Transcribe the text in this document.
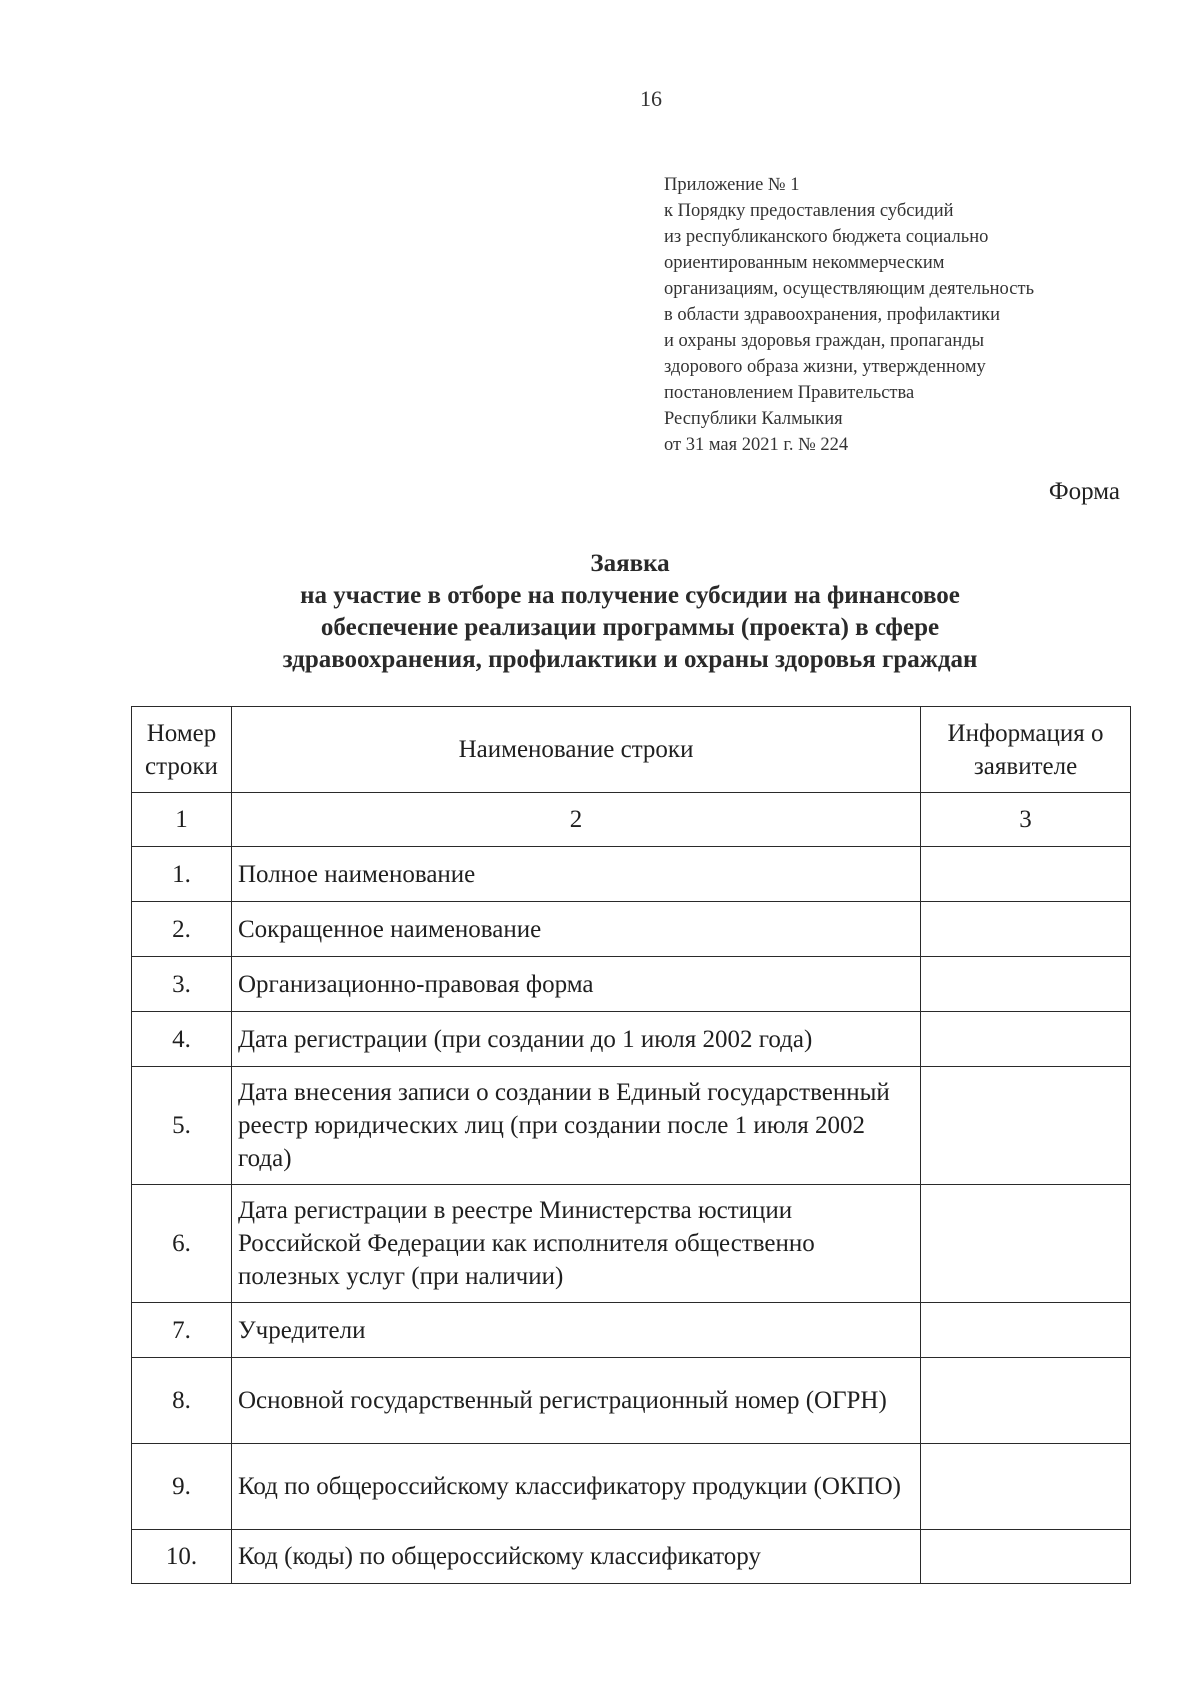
16
Приложение № 1
к Порядку предоставления субсидий
из республиканского бюджета социально
ориентированным некоммерческим
организациям, осуществляющим деятельность
в области здравоохранения, профилактики
и охраны здоровья граждан, пропаганды
здорового образа жизни, утвержденному
постановлением Правительства
Республики Калмыкия
от 31 мая 2021 г. № 224
Форма
Заявка
на участие в отборе на получение субсидии на финансовое
обеспечение реализации программы (проекта) в сфере
здравоохранения, профилактики и охраны здоровья граждан
Номер строки	Наименование строки	Информация о заявителе
1	2	3
1.	Полное наименование	
2.	Сокращенное наименование	
3.	Организационно-правовая форма	
4.	Дата регистрации (при создании до 1 июля 2002 года)	
5.	Дата внесения записи о создании в Единый государственный реестр юридических лиц (при создании после 1 июля 2002 года)	
6.	Дата регистрации в реестре Министерства юстиции Российской Федерации как исполнителя общественно полезных услуг (при наличии)	
7.	Учредители	
8.	Основной государственный регистрационный номер (ОГРН)	
9.	Код по общероссийскому классификатору продукции (ОКПО)	
10.	Код (коды) по общероссийскому классификатору	
